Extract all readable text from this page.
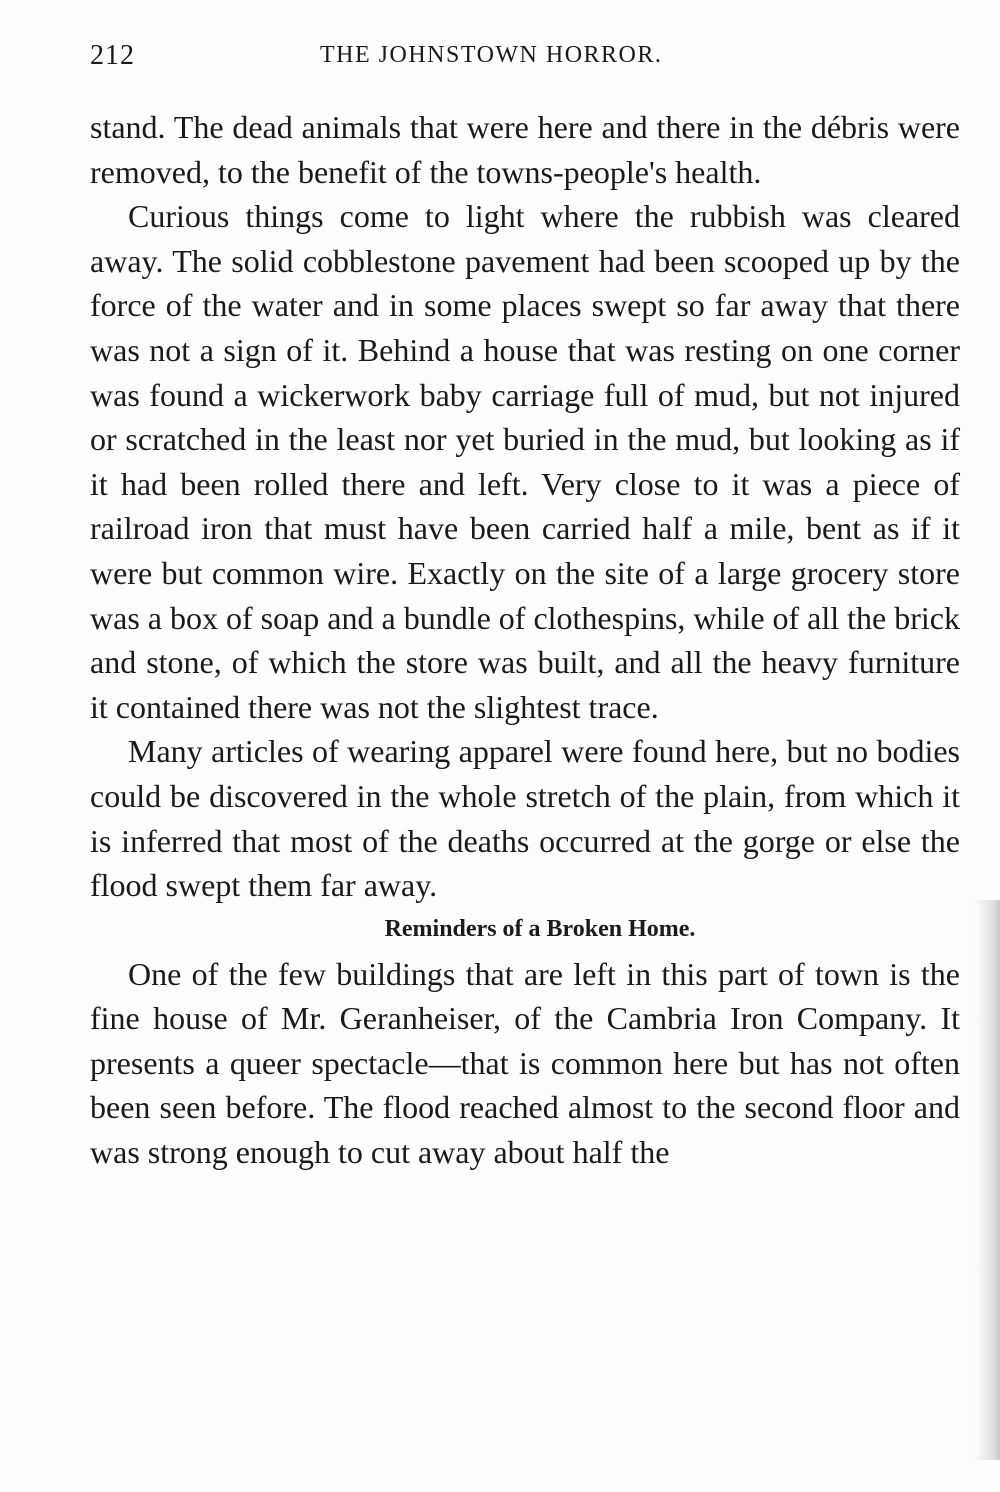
212	THE JOHNSTOWN HORROR.

stand. The dead animals that were here and there in the débris were removed, to the benefit of the towns-people's health.

Curious things come to light where the rubbish was cleared away. The solid cobblestone pavement had been scooped up by the force of the water and in some places swept so far away that there was not a sign of it. Behind a house that was resting on one corner was found a wickerwork baby carriage full of mud, but not injured or scratched in the least nor yet buried in the mud, but looking as if it had been rolled there and left. Very close to it was a piece of railroad iron that must have been carried half a mile, bent as if it were but common wire. Exactly on the site of a large grocery store was a box of soap and a bundle of clothespins, while of all the brick and stone, of which the store was built, and all the heavy furniture it contained there was not the slightest trace.

Many articles of wearing apparel were found here, but no bodies could be discovered in the whole stretch of the plain, from which it is inferred that most of the deaths occurred at the gorge or else the flood swept them far away.

Reminders of a Broken Home.

One of the few buildings that are left in this part of town is the fine house of Mr. Geranheiser, of the Cambria Iron Company. It presents a queer spectacle—that is common here but has not often been seen before. The flood reached almost to the second floor and was strong enough to cut away about half the
